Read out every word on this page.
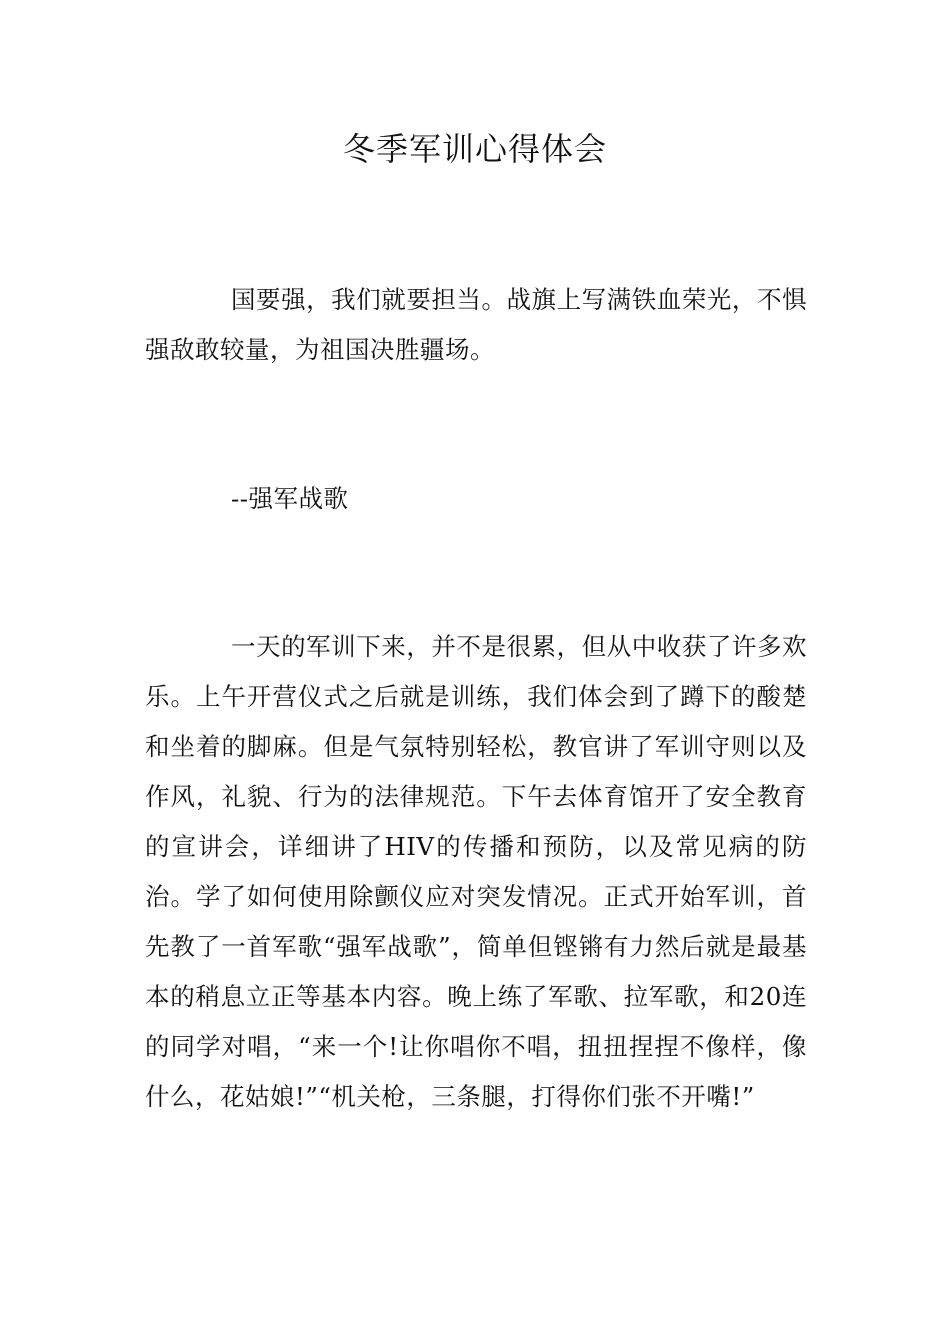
冬季军训心得体会

国要强，我们就要担当。战旗上写满铁血荣光，不惧强敌敢较量，为祖国决胜疆场。

--强军战歌

一天的军训下来，并不是很累，但从中收获了许多欢乐。上午开营仪式之后就是训练，我们体会到了蹲下的酸楚和坐着的脚麻。但是气氛特别轻松，教官讲了军训守则以及作风，礼貌、行为的法律规范。下午去体育馆开了安全教育的宣讲会，详细讲了HIV的传播和预防，以及常见病的防治。学了如何使用除颤仪应对突发情况。正式开始军训，首先教了一首军歌“强军战歌”，简单但铿锵有力然后就是最基本的稍息立正等基本内容。晚上练了军歌、拉军歌，和20连的同学对唱，“来一个!让你唱你不唱，扭扭捏捏不像样，像什么，花姑娘!”“机关枪，三条腿，打得你们张不开嘴!”
